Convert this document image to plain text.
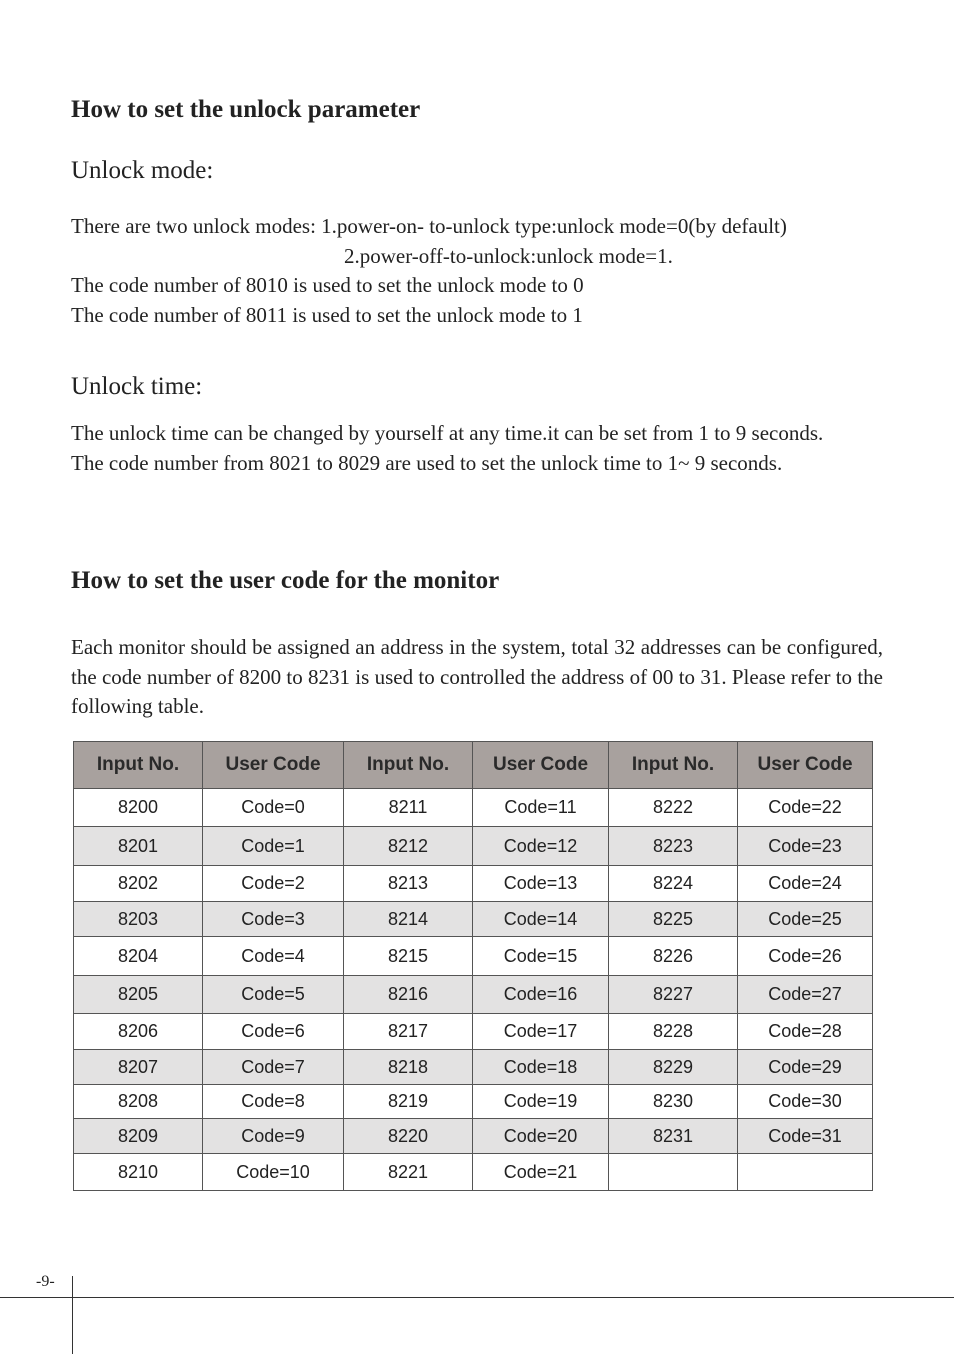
How to set the unlock parameter
Unlock mode:
There are two unlock modes: 1.power-on- to-unlock type:unlock mode=0(by default)
2.power-off-to-unlock:unlock mode=1.
The code number of 8010 is used to set the unlock mode to 0
The code number of 8011 is used to set the unlock mode to 1
Unlock time:
The unlock time can be changed by yourself at any time.it can be set from 1 to 9 seconds.
The code number from 8021 to 8029 are used to set the unlock time to 1~ 9 seconds.
How to set the user code for the monitor
Each monitor should be assigned an address in the system, total 32 addresses can be configured, the code number of 8200 to 8231 is used to controlled the address of 00 to 31. Please refer to the following table.
Input No.	User Code	Input No.	User Code	Input No.	User Code
8200	Code=0	8211	Code=11	8222	Code=22
8201	Code=1	8212	Code=12	8223	Code=23
8202	Code=2	8213	Code=13	8224	Code=24
8203	Code=3	8214	Code=14	8225	Code=25
8204	Code=4	8215	Code=15	8226	Code=26
8205	Code=5	8216	Code=16	8227	Code=27
8206	Code=6	8217	Code=17	8228	Code=28
8207	Code=7	8218	Code=18	8229	Code=29
8208	Code=8	8219	Code=19	8230	Code=30
8209	Code=9	8220	Code=20	8231	Code=31
8210	Code=10	8221	Code=21		
-9-
